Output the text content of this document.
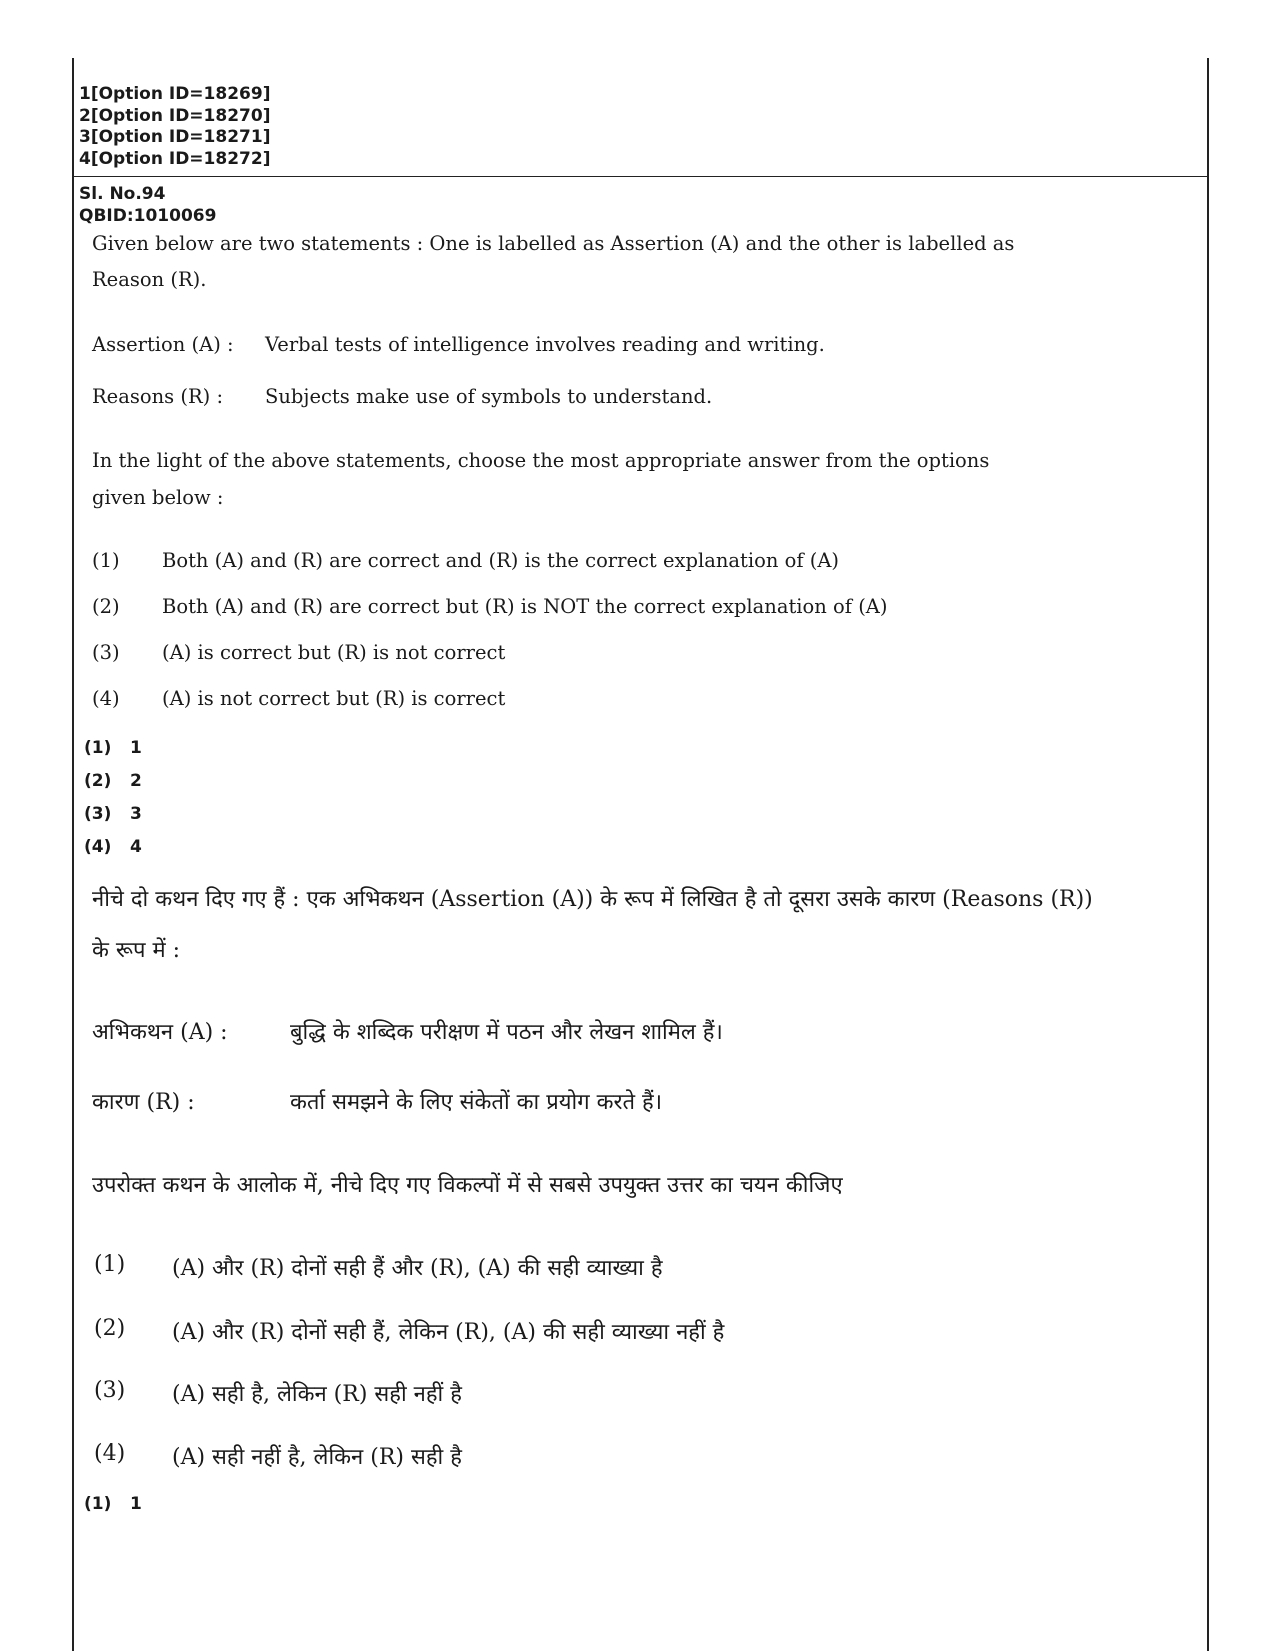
1[Option ID=18269]
2[Option ID=18270]
3[Option ID=18271]
4[Option ID=18272]
Sl. No.94
QBID:1010069
Given below are two statements : One is labelled as Assertion (A) and the other is labelled as
Reason (R).
Assertion (A) : Verbal tests of intelligence involves reading and writing.
Reasons (R) : Subjects make use of symbols to understand.
In the light of the above statements, choose the most appropriate answer from the options
given below :
(1) Both (A) and (R) are correct and (R) is the correct explanation of (A)
(2) Both (A) and (R) are correct but (R) is NOT the correct explanation of (A)
(3) (A) is correct but (R) is not correct
(4) (A) is not correct but (R) is correct
(1) 1
(2) 2
(3) 3
(4) 4
नीचे दो कथन दिए गए हैं : एक अभिकथन (Assertion (A)) के रूप में लिखित है तो दूसरा उसके कारण (Reasons (R))
के रूप में :
अभिकथन (A) :	बुद्धि के शब्दिक परीक्षण में पठन और लेखन शामिल हैं।
कारण (R) :	कर्ता समझने के लिए संकेतों का प्रयोग करते हैं।
उपरोक्त कथन के आलोक में, नीचे दिए गए विकल्पों में से सबसे उपयुक्त उत्तर का चयन कीजिए
(1) (A) और (R) दोनों सही हैं और (R), (A) की सही व्याख्या है
(2) (A) और (R) दोनों सही हैं, लेकिन (R), (A) की सही व्याख्या नहीं है
(3) (A) सही है, लेकिन (R) सही नहीं है
(4) (A) सही नहीं है, लेकिन (R) सही है
(1) 1
